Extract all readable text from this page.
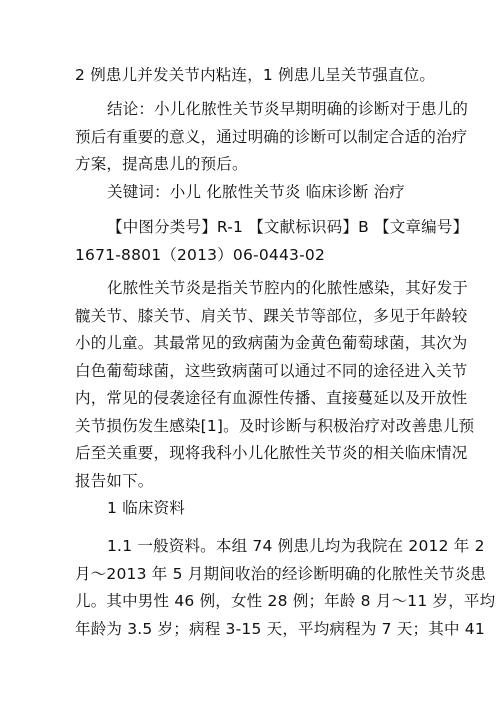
2 例患儿并发关节内粘连，1 例患儿呈关节强直位。

结论：小儿化脓性关节炎早期明确的诊断对于患儿的
预后有重要的意义，通过明确的诊断可以制定合适的治疗
方案，提高患儿的预后。

关键词：小儿 化脓性关节炎 临床诊断 治疗

【中图分类号】R-1 【文献标识码】B 【文章编号】
1671-8801（2013）06-0443-02

化脓性关节炎是指关节腔内的化脓性感染，其好发于
髋关节、膝关节、肩关节、踝关节等部位，多见于年龄较
小的儿童。其最常见的致病菌为金黄色葡萄球菌，其次为
白色葡萄球菌，这些致病菌可以通过不同的途径进入关节
内，常见的侵袭途径有血源性传播、直接蔓延以及开放性
关节损伤发生感染[1]。及时诊断与积极治疗对改善患儿预
后至关重要，现将我科小儿化脓性关节炎的相关临床情况
报告如下。

1 临床资料

1.1 一般资料。本组 74 例患儿均为我院在 2012 年 2
月～2013 年 5 月期间收治的经诊断明确的化脓性关节炎患
儿。其中男性 46 例，女性 28 例；年龄 8 月～11 岁，平均
年龄为 3.5 岁；病程 3-15 天，平均病程为 7 天；其中 41
